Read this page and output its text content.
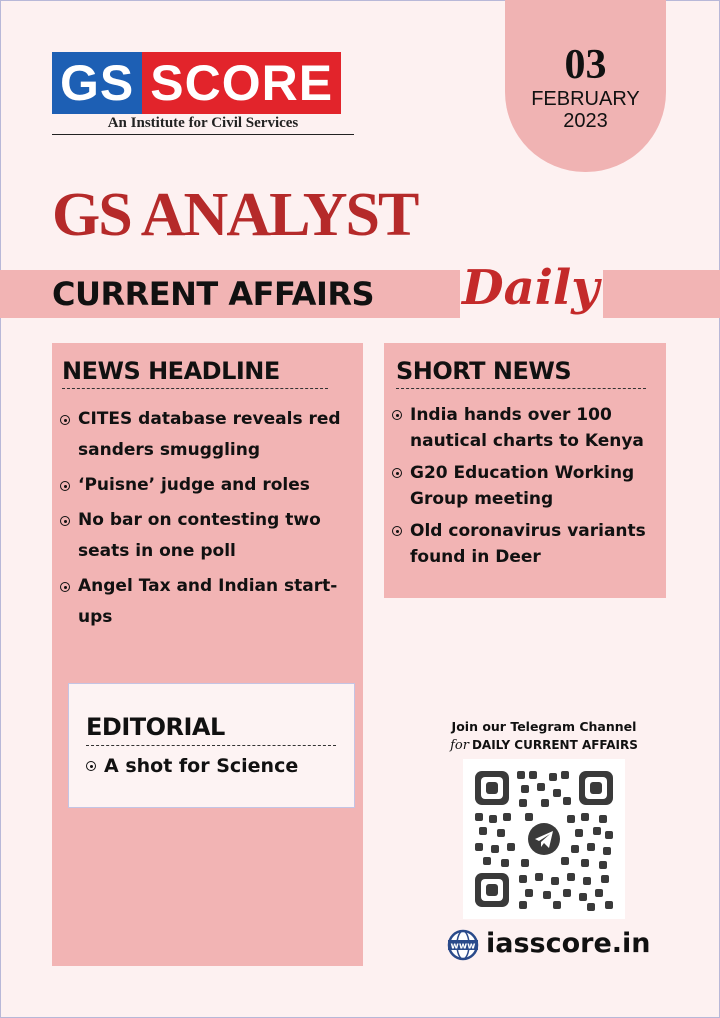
GS SCORE
An Institute for Civil Services
03
FEBRUARY
2023
GS ANALYST
CURRENT AFFAIRS Daily
NEWS HEADLINE
CITES database reveals red sanders smuggling
‘Puisne’ judge and roles
No bar on contesting two seats in one poll
Angel Tax and Indian start-ups
SHORT NEWS
India hands over 100 nautical charts to Kenya
G20 Education Working Group meeting
Old coronavirus variants found in Deer
EDITORIAL
A shot for Science
Join our Telegram Channel
for DAILY CURRENT AFFAIRS
www iasscore.in
